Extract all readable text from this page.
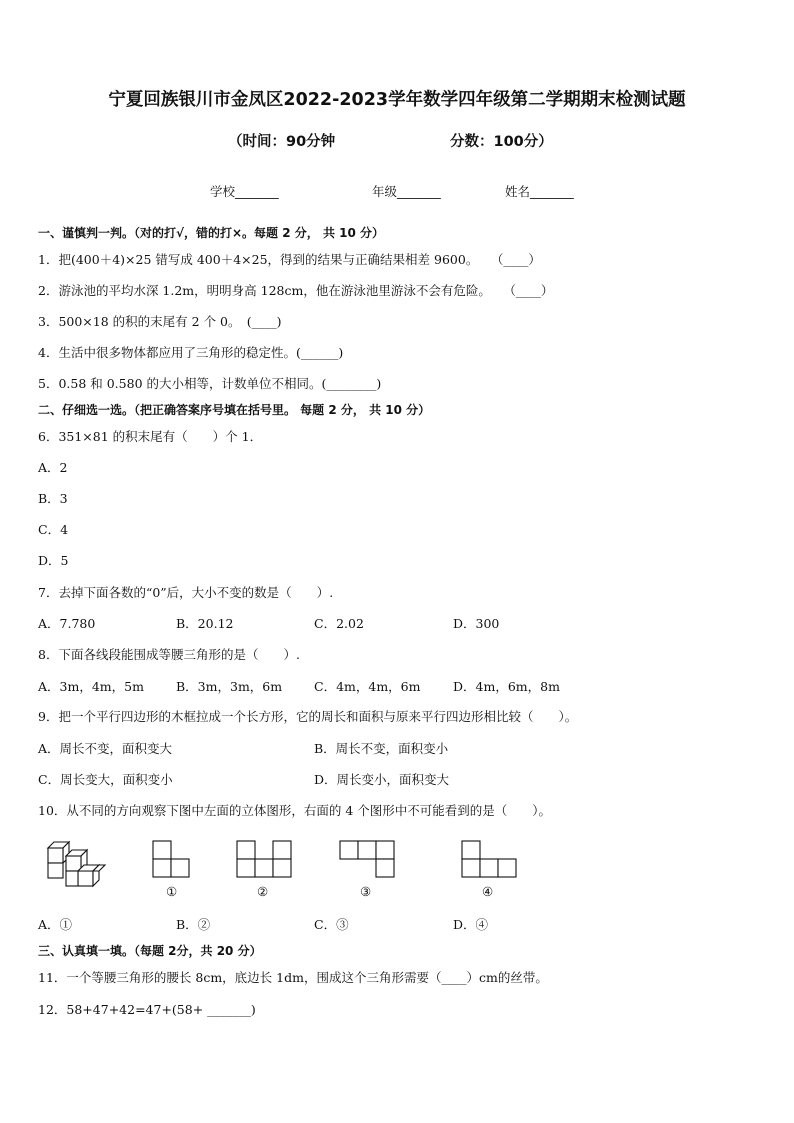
宁夏回族银川市金凤区2022-2023学年数学四年级第二学期期末检测试题
（时间：90分钟	分数：100分）
学校_______	年级_______	姓名_______
一、谨慎判一判。（对的打√，错的打×。每题 2 分， 共 10 分）
1．把(400＋4)×25 错写成 400＋4×25，得到的结果与正确结果相差 9600。　　（____）
2．游泳池的平均水深 1.2m，明明身高 128cm，他在游泳池里游泳不会有危险。　　（____）
3．500×18 的积的末尾有 2 个 0。　(____)
4．生活中很多物体都应用了三角形的稳定性。(______)
5．0.58 和 0.580 的大小相等，计数单位不相同。(________)
二、仔细选一选。（把正确答案序号填在括号里。 每题 2 分， 共 10 分）
6．351×81 的积末尾有（　　）个 1．
A．2
B．3
C．4
D．5
7．去掉下面各数的“0”后，大小不变的数是（　　）.
A．7.780	B．20.12	C．2.02	D．300
8．下面各线段能围成等腰三角形的是（　　）.
A．3m，4m，5m	B．3m，3m，6m	C．4m，4m，6m	D．4m，6m，8m
9．把一个平行四边形的木框拉成一个长方形，它的周长和面积与原来平行四边形相比较（　　）。
A．周长不变，面积变大	B．周长不变，面积变小
C．周长变大，面积变小	D．周长变小，面积变大
10．从不同的方向观察下图中左面的立体图形，右面的 4 个图形中不可能看到的是（　　）。
①	②	③	④
A．①	B．②	C．③	D．④
三、认真填一填。（每题 2分，共 20 分）
11．一个等腰三角形的腰长 8cm，底边长 1dm，围成这个三角形需要（____）cm的丝带。
12．58+47+42=47+(58+ _______)
